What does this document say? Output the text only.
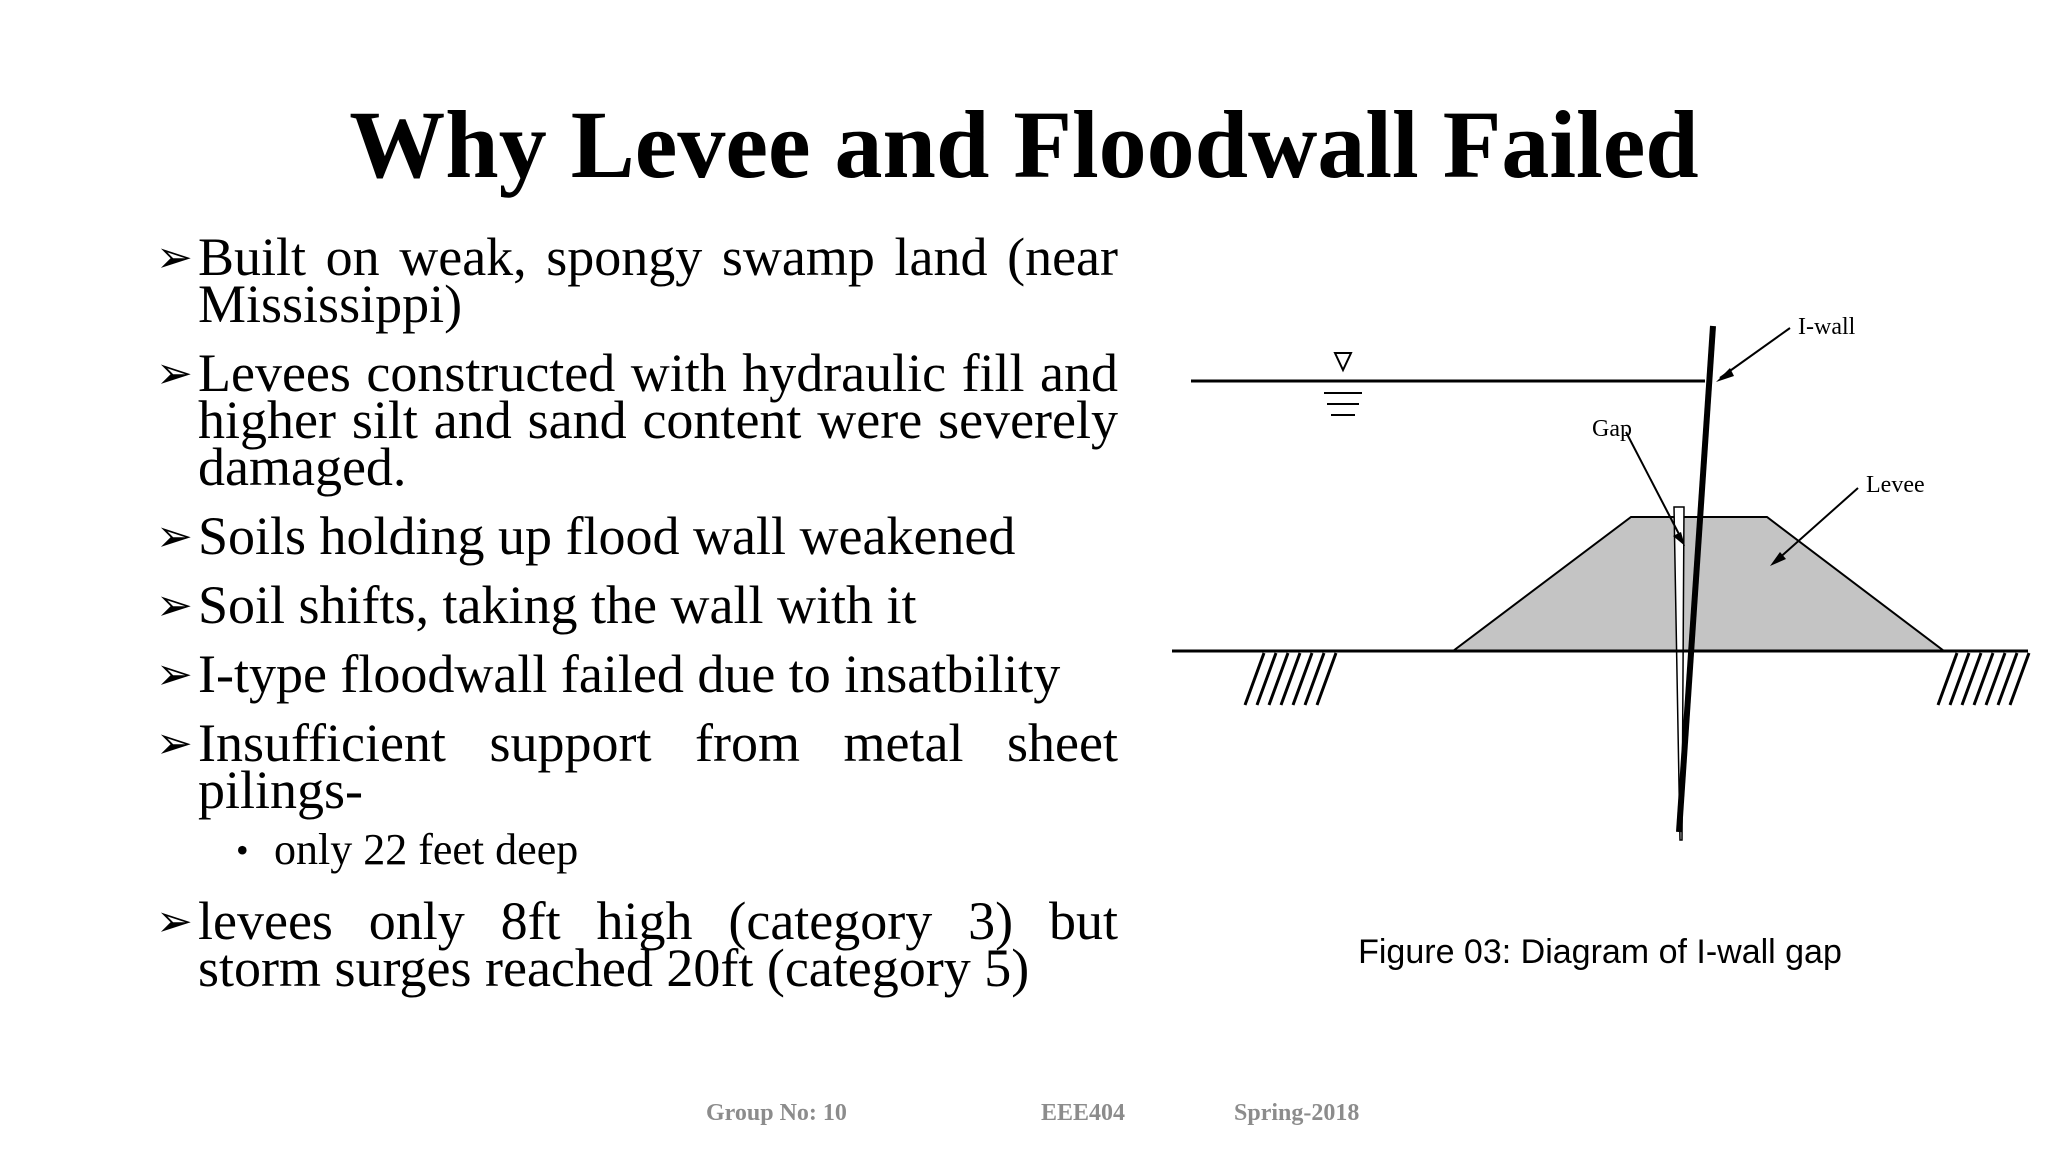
Why Levee and Floodwall Failed
➢ Built on weak, spongy swamp land (near Mississippi)
➢ Levees constructed with hydraulic fill and higher silt and sand content were severely damaged.
➢ Soils holding up flood wall weakened
➢ Soil shifts, taking the wall with it
➢ I-type floodwall failed due to insatbility
➢ Insufficient support from metal sheet pilings-
• only 22 feet deep
➢ levees only 8ft high (category 3) but storm surges reached 20ft (category 5)
I-wall
Gap
Levee
Figure 03: Diagram of I-wall gap
Group No: 10	EEE404	Spring-2018
